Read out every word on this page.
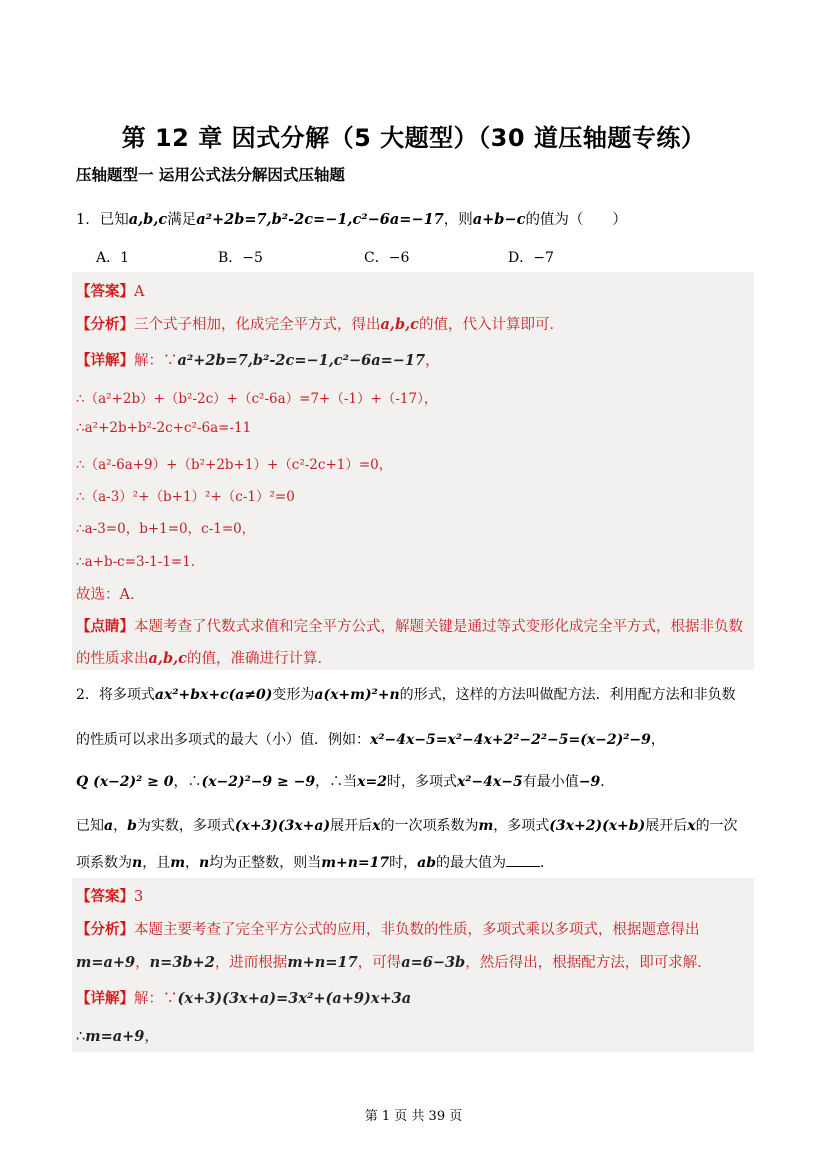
第 12 章 因式分解（5 大题型）（30 道压轴题专练）
压轴题型一 运用公式法分解因式压轴题
1．已知a,b,c满足a²+2b=7,b²-2c=−1,c²−6a=−17，则a+b−c的值为（　　）
A．1	B．−5	C．−6	D．−7
【答案】A
【分析】三个式子相加，化成完全平方式，得出a,b,c的值，代入计算即可．
【详解】解：∵a²+2b=7,b²-2c=−1,c²−6a=−17，
∴（a²+2b）+（b²-2c）+（c²-6a）=7+（-1）+（-17），
∴a²+2b+b²-2c+c²-6a=-11
∴（a²-6a+9）+（b²+2b+1）+（c²-2c+1）=0，
∴（a-3）²+（b+1）²+（c-1）²=0
∴a-3=0，b+1=0，c-1=0，
∴a+b-c=3-1-1=1．
故选：A．
【点睛】本题考查了代数式求值和完全平方公式，解题关键是通过等式变形化成完全平方式，根据非负数
的性质求出a,b,c的值，准确进行计算．
2．将多项式ax²+bx+c(a≠0)变形为a(x+m)²+n的形式，这样的方法叫做配方法．利用配方法和非负数
的性质可以求出多项式的最大（小）值．例如：x²−4x−5=x²−4x+2²−2²−5=(x−2)²−9，
Q (x−2)² ≥ 0，∴(x−2)²−9 ≥ −9，∴当x=2时，多项式x²−4x−5有最小值−9．
已知a，b为实数，多项式(x+3)(3x+a)展开后x的一次项系数为m，多项式(3x+2)(x+b)展开后x的一次
项系数为n，且m，n均为正整数，则当m+n=17时，ab的最大值为 ．
【答案】3
【分析】本题主要考查了完全平方公式的应用，非负数的性质，多项式乘以多项式，根据题意得出
m=a+9，n=3b+2，进而根据m+n=17，可得a=6−3b，然后得出，根据配方法，即可求解．
【详解】解：∵(x+3)(3x+a)=3x²+(a+9)x+3a
∴m=a+9，
第 1 页 共 39 页
